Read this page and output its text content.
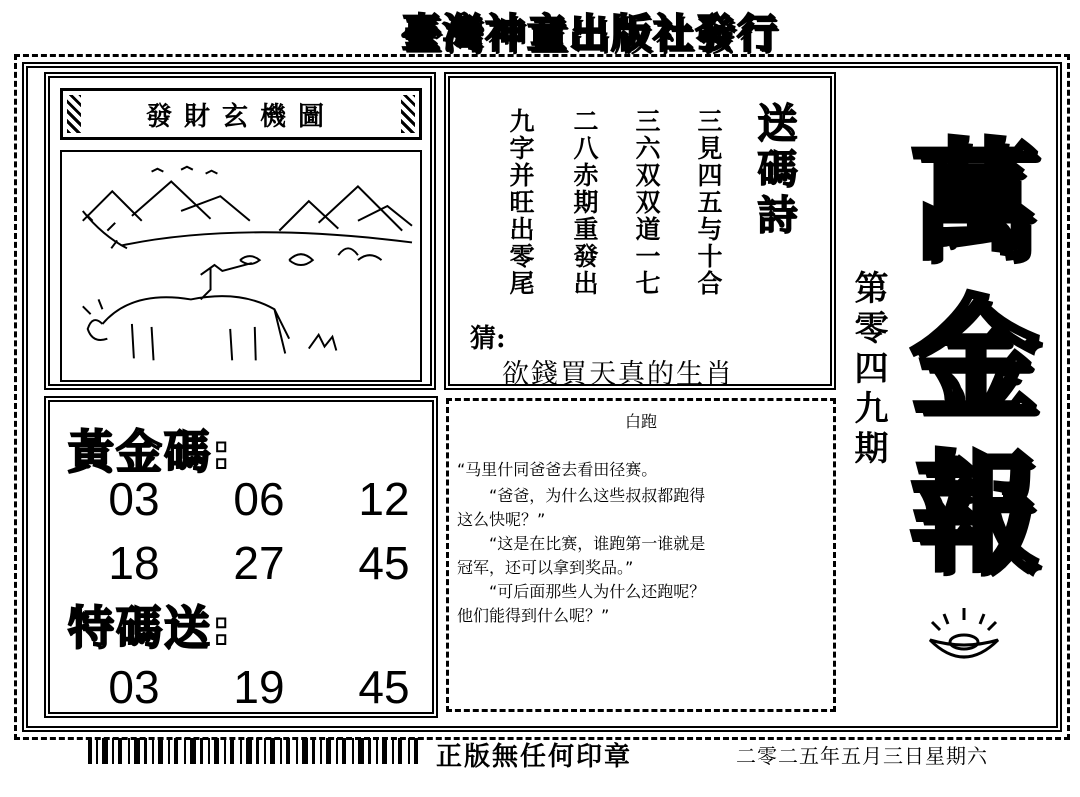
臺灣神童出版社發行
發財玄機圖	三見四五与十合
三六双双道一七
二八赤期重發出
九字并旺出零尾	送碼詩
猜:
欲錢買天真的生肖
黃金碼:
03	06	12
18	27	45
特碼送:
03	19	45
白跑
“马里什同爸爸去看田径赛。
　　“爸爸，为什么这些叔叔都跑得
这么快呢？”
　　“这是在比赛，谁跑第一谁就是
冠军，还可以拿到奖品。”
　　“可后面那些人为什么还跑呢？
他们能得到什么呢？”
第零四九期
萬
金
報
正版無任何印章	二零二五年五月三日星期六
